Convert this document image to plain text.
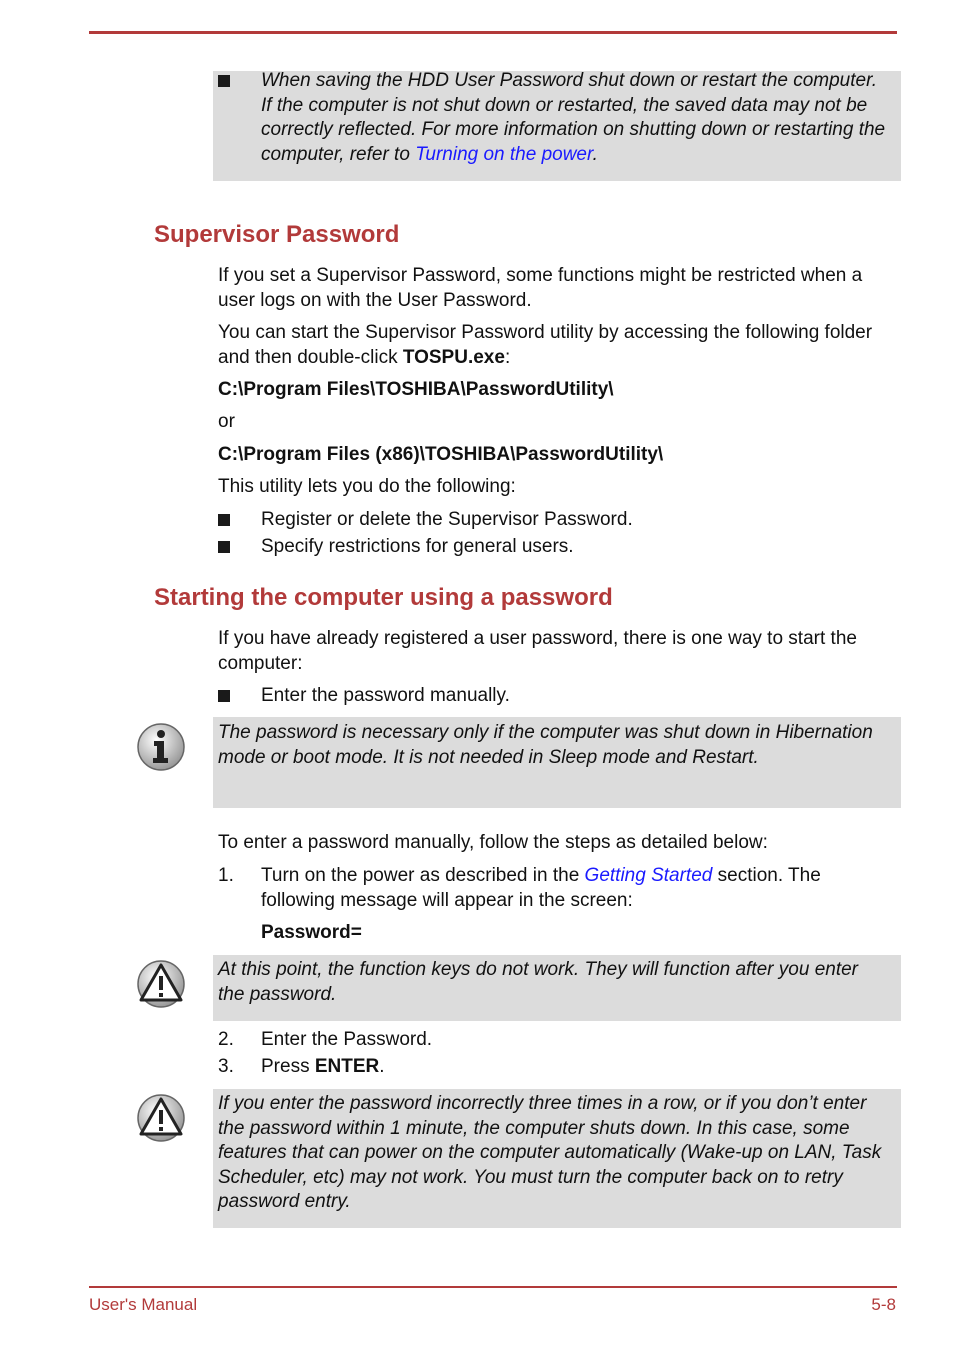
When saving the HDD User Password shut down or restart the computer. If the computer is not shut down or restarted, the saved data may not be correctly reflected. For more information on shutting down or restarting the computer, refer to Turning on the power.

Supervisor Password

If you set a Supervisor Password, some functions might be restricted when a user logs on with the User Password.

You can start the Supervisor Password utility by accessing the following folder and then double-click TOSPU.exe:

C:\Program Files\TOSHIBA\PasswordUtility\

or

C:\Program Files (x86)\TOSHIBA\PasswordUtility\

This utility lets you do the following:

Register or delete the Supervisor Password.

Specify restrictions for general users.

Starting the computer using a password

If you have already registered a user password, there is one way to start the computer:

Enter the password manually.

The password is necessary only if the computer was shut down in Hibernation mode or boot mode. It is not needed in Sleep mode and Restart.

To enter a password manually, follow the steps as detailed below:

1. Turn on the power as described in the Getting Started section. The following message will appear in the screen:

Password=

At this point, the function keys do not work. They will function after you enter the password.

2. Enter the Password.

3. Press ENTER.

If you enter the password incorrectly three times in a row, or if you don’t enter the password within 1 minute, the computer shuts down. In this case, some features that can power on the computer automatically (Wake-up on LAN, Task Scheduler, etc) may not work. You must turn the computer back on to retry password entry.

User's Manual	5-8
